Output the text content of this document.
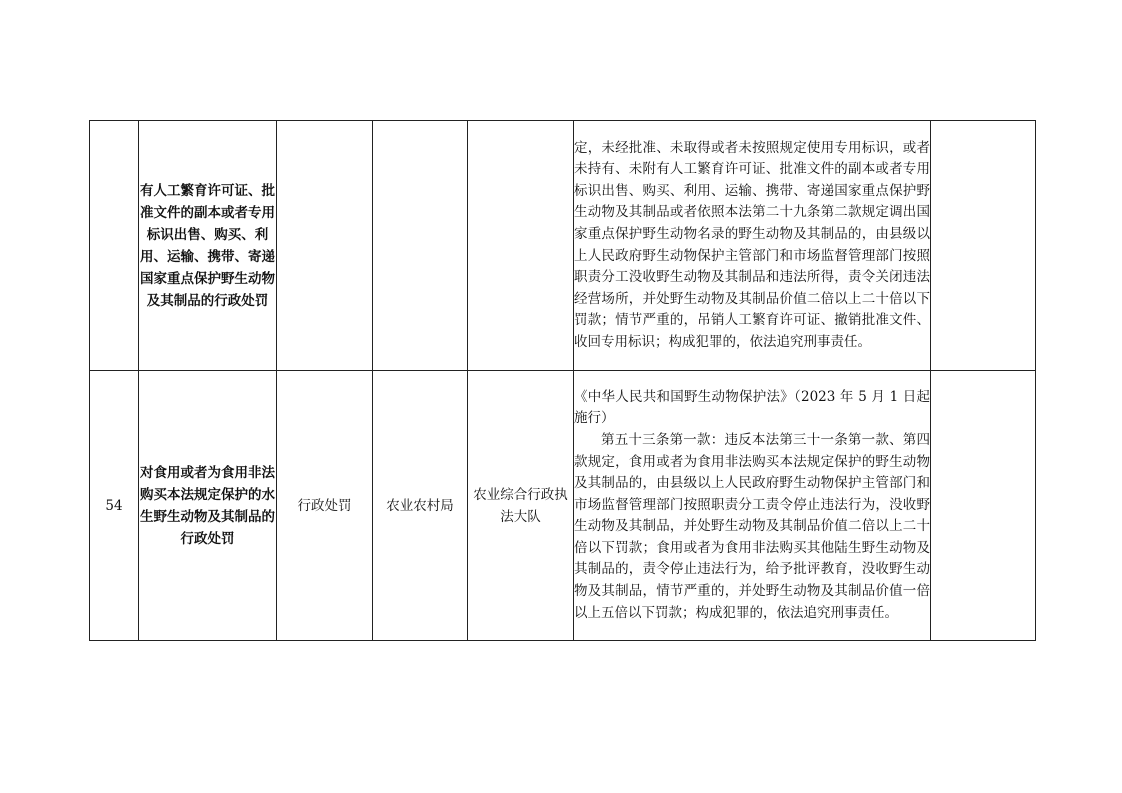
	有人工繁育许可证、批准文件的副本或者专用标识出售、购买、利用、运输、携带、寄递国家重点保护野生动物及其制品的行政处罚				定，未经批准、未取得或者未按照规定使用专用标识，或者未持有、未附有人工繁育许可证、批准文件的副本或者专用标识出售、购买、利用、运输、携带、寄递国家重点保护野生动物及其制品或者依照本法第二十九条第二款规定调出国家重点保护野生动物名录的野生动物及其制品的，由县级以上人民政府野生动物保护主管部门和市场监督管理部门按照职责分工没收野生动物及其制品和违法所得，责令关闭违法经营场所，并处野生动物及其制品价值二倍以上二十倍以下罚款；情节严重的，吊销人工繁育许可证、撤销批准文件、收回专用标识；构成犯罪的，依法追究刑事责任。	

54	对食用或者为食用非法购买本法规定保护的水生野生动物及其制品的行政处罚	行政处罚	农业农村局	农业综合行政执法大队	《中华人民共和国野生动物保护法》（2023 年 5 月 1 日起施行）

第五十三条第一款：违反本法第三十一条第一款、第四款规定，食用或者为食用非法购买本法规定保护的野生动物及其制品的，由县级以上人民政府野生动物保护主管部门和市场监督管理部门按照职责分工责令停止违法行为，没收野生动物及其制品，并处野生动物及其制品价值二倍以上二十倍以下罚款；食用或者为食用非法购买其他陆生野生动物及其制品的，责令停止违法行为，给予批评教育，没收野生动物及其制品，情节严重的，并处野生动物及其制品价值一倍以上五倍以下罚款；构成犯罪的，依法追究刑事责任。	
